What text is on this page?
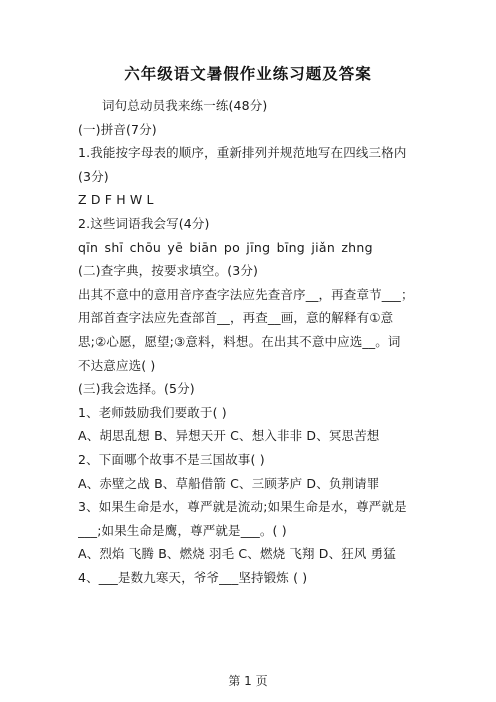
六年级语文暑假作业练习题及答案
词句总动员我来练一练(48分)
(一)拼音(7分)
1.我能按字母表的顺序，重新排列并规范地写在四线三格内
(3分)
Z D F H W L
2.这些词语我会写(4分)
qīn shī chōu yē biān po jīng bīng jiǎn zhng
(二)查字典，按要求填空。(3分)
出其不意中的意用音序查字法应先查音序__，再查章节___；
用部首查字法应先查部首__，再查__画，意的解释有①意
思;②心愿，愿望;③意料，料想。在出其不意中应选__。词
不达意应选( )
(三)我会选择。(5分)
1、老师鼓励我们要敢于( )
A、胡思乱想 B、异想天开 C、想入非非 D、冥思苦想
2、下面哪个故事不是三国故事( )
A、赤壁之战 B、草船借箭 C、三顾茅庐 D、负荆请罪
3、如果生命是水，尊严就是流动;如果生命是水，尊严就是
___;如果生命是鹰，尊严就是___。( )
A、烈焰 飞腾 B、燃烧 羽毛 C、燃烧 飞翔 D、狂风 勇猛
4、___是数九寒天，爷爷___坚持锻炼 ( )
第 1 页
